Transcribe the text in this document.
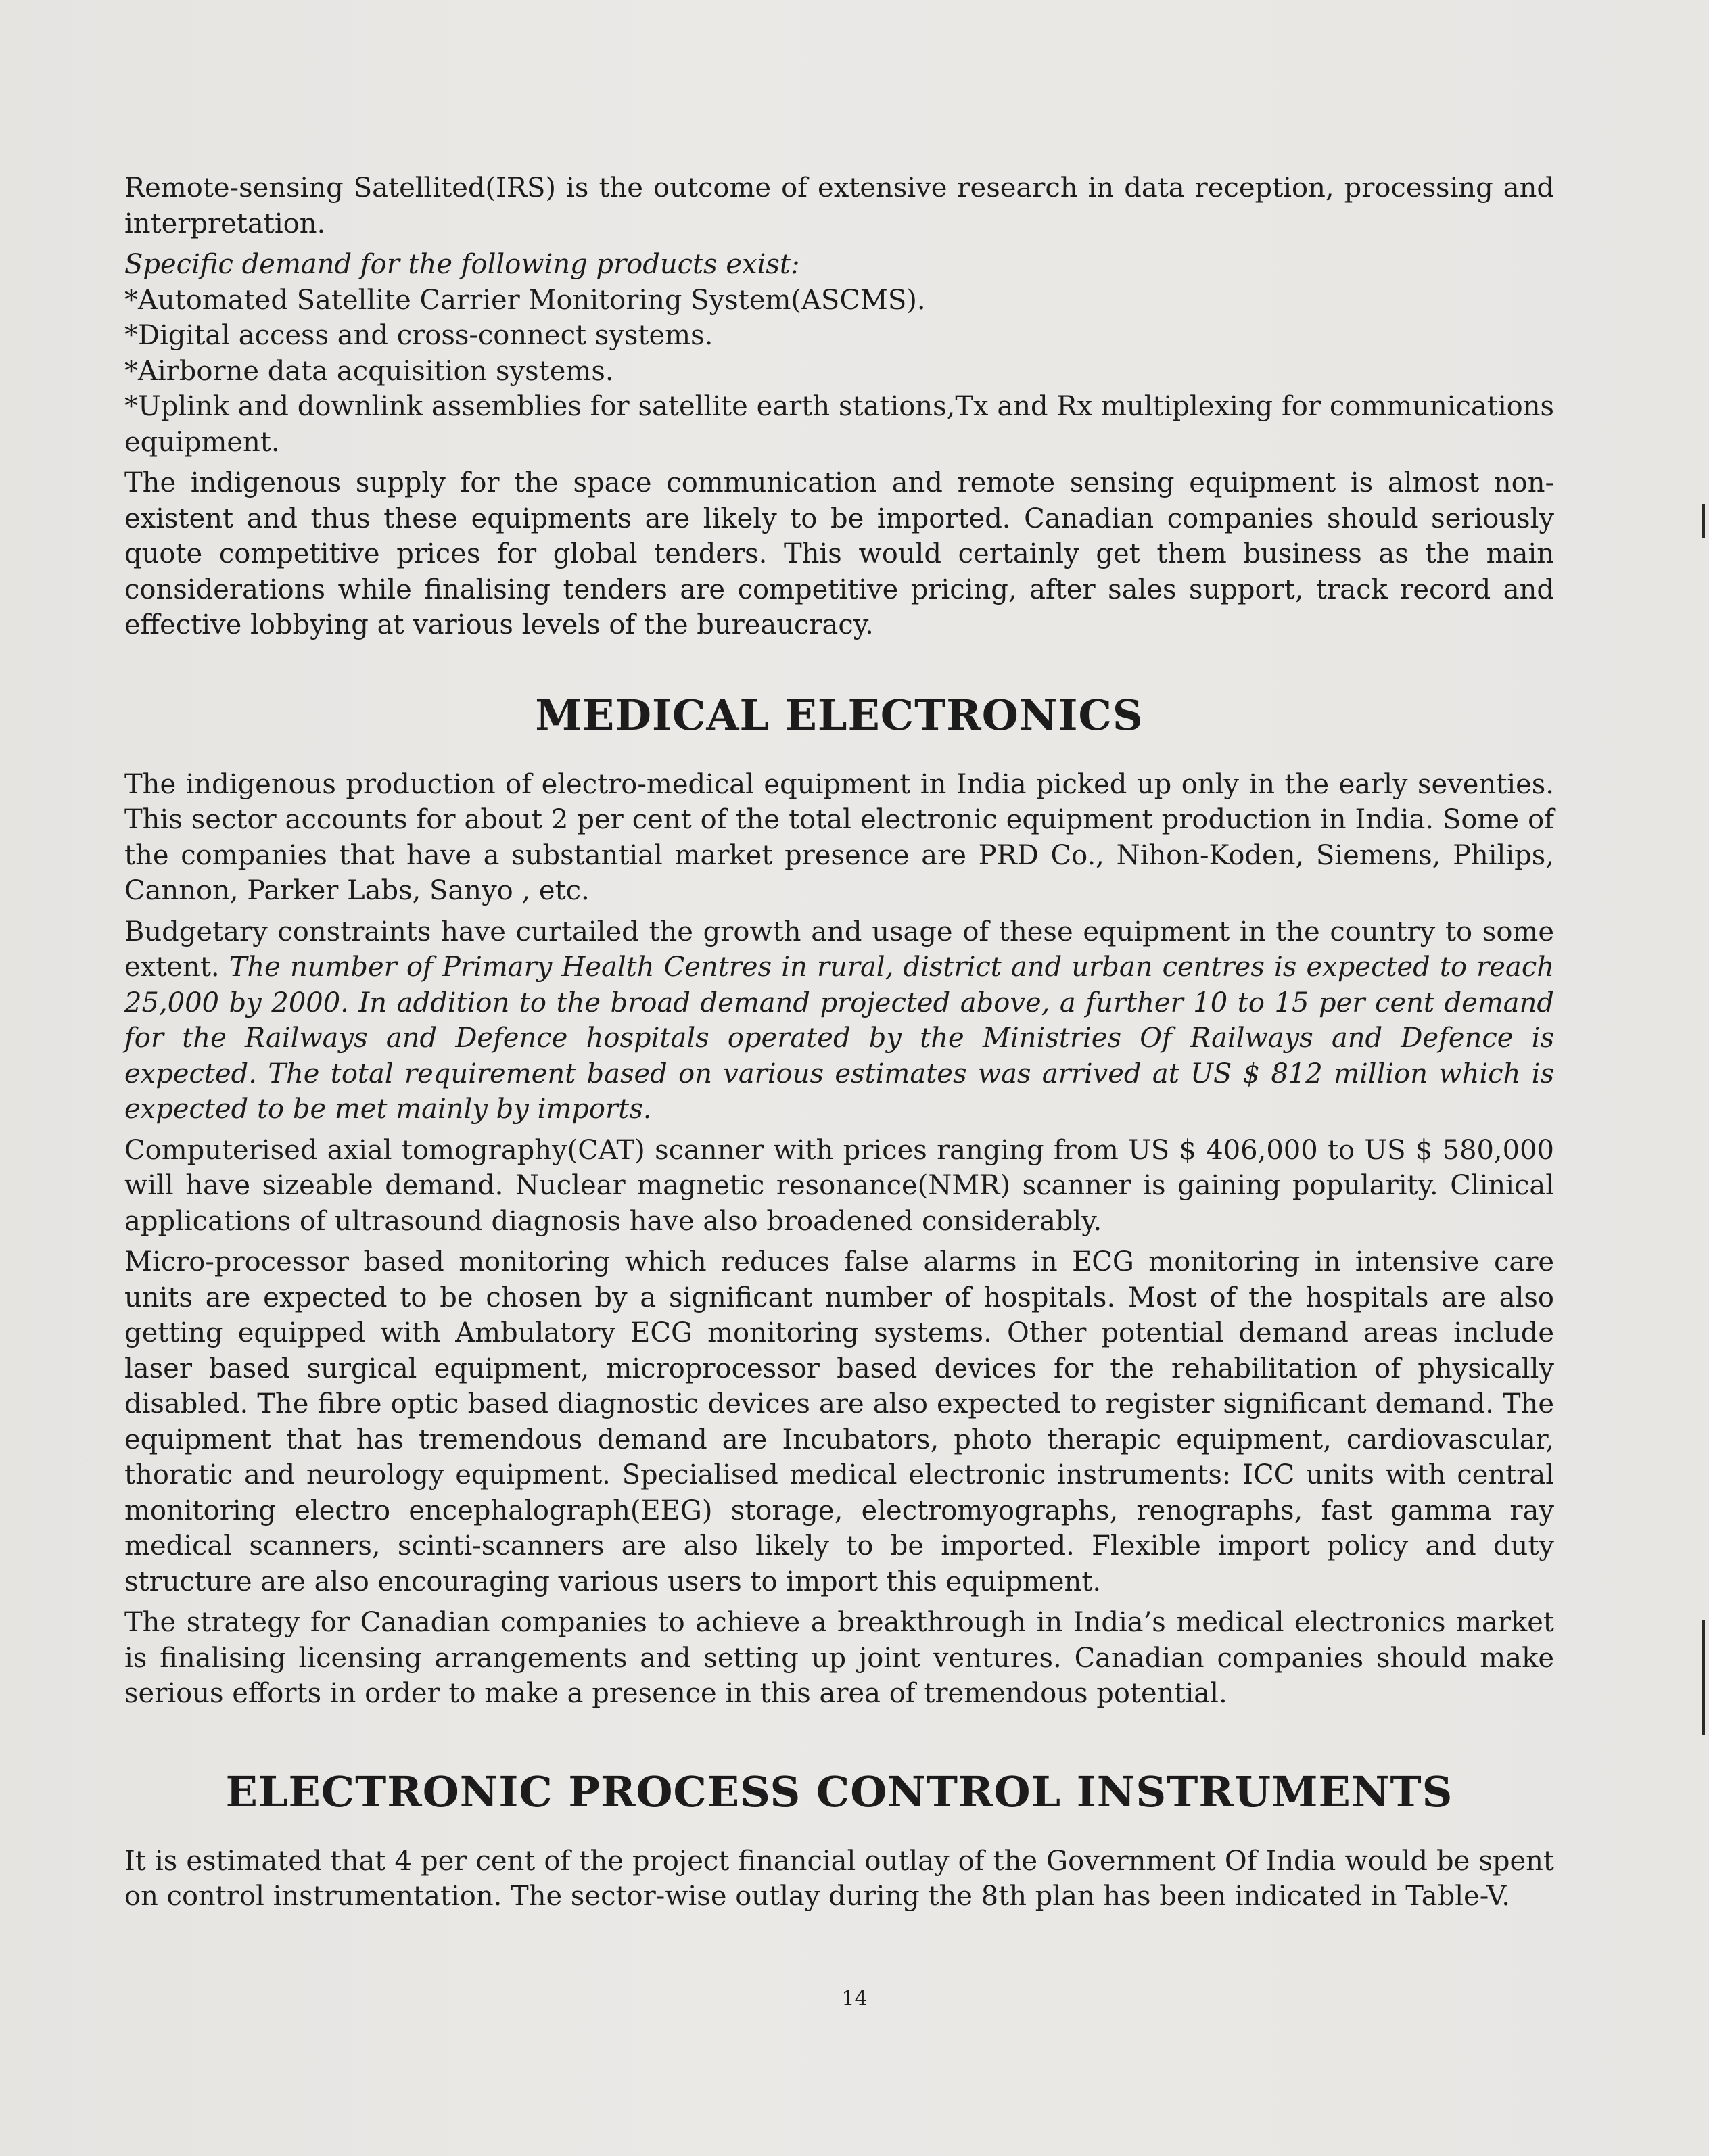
Remote-sensing Satellited(IRS) is the outcome of extensive research in data reception, processing and interpretation.

Specific demand for the following products exist:

*Automated Satellite Carrier Monitoring System(ASCMS).

*Digital access and cross-connect systems.

*Airborne data acquisition systems.

*Uplink and downlink assemblies for satellite earth stations,Tx and Rx multiplexing for communications equipment.

The indigenous supply for the space communication and remote sensing equipment is almost non-existent and thus these equipments are likely to be imported. Canadian companies should seriously quote competitive prices for global tenders. This would certainly get them business as the main considerations while finalising tenders are competitive pricing, after sales support, track record and effective lobbying at various levels of the bureaucracy.

MEDICAL ELECTRONICS

The indigenous production of electro-medical equipment in India picked up only in the early seventies. This sector accounts for about 2 per cent of the total electronic equipment production in India. Some of the companies that have a substantial market presence are PRD Co., Nihon-Koden, Siemens, Philips, Cannon, Parker Labs, Sanyo , etc.

Budgetary constraints have curtailed the growth and usage of these equipment in the country to some extent. The number of Primary Health Centres in rural, district and urban centres is expected to reach 25,000 by 2000. In addition to the broad demand projected above, a further 10 to 15 per cent demand for the Railways and Defence hospitals operated by the Ministries Of Railways and Defence is expected. The total requirement based on various estimates was arrived at US $ 812 million which is expected to be met mainly by imports.

Computerised axial tomography(CAT) scanner with prices ranging from US $ 406,000 to US $ 580,000 will have sizeable demand. Nuclear magnetic resonance(NMR) scanner is gaining popularity. Clinical applications of ultrasound diagnosis have also broadened considerably.

Micro-processor based monitoring which reduces false alarms in ECG monitoring in intensive care units are expected to be chosen by a significant number of hospitals. Most of the hospitals are also getting equipped with Ambulatory ECG monitoring systems. Other potential demand areas include laser based surgical equipment, microprocessor based devices for the rehabilitation of physically disabled. The fibre optic based diagnostic devices are also expected to register significant demand. The equipment that has tremendous demand are Incubators, photo therapic equipment, cardiovascular, thoratic and neurology equipment. Specialised medical electronic instruments: ICC units with central monitoring electro encephalograph(EEG) storage, electromyographs, renographs, fast gamma ray medical scanners, scinti-scanners are also likely to be imported. Flexible import policy and duty structure are also encouraging various users to import this equipment.

The strategy for Canadian companies to achieve a breakthrough in India’s medical electronics market is finalising licensing arrangements and setting up joint ventures. Canadian companies should make serious efforts in order to make a presence in this area of tremendous potential.

ELECTRONIC PROCESS CONTROL INSTRUMENTS

It is estimated that 4 per cent of the project financial outlay of the Government Of India would be spent on control instrumentation. The sector-wise outlay during the 8th plan has been indicated in Table-V.

14
